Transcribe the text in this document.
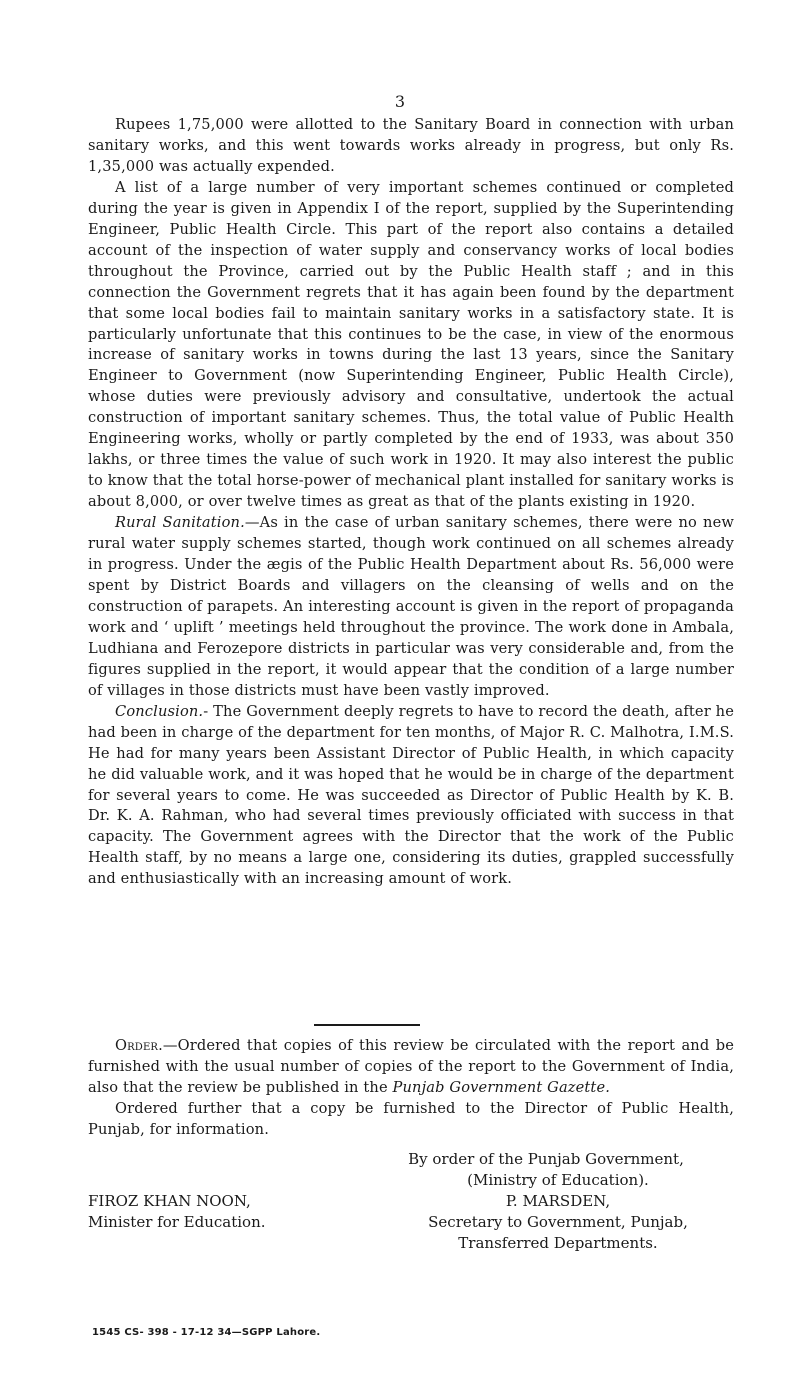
3

Rupees 1,75,000 were allotted to the Sanitary Board in connection with urban sanitary works, and this went towards works already in progress, but only Rs. 1,35,000 was actually expended.

A list of a large number of very important schemes continued or completed during the year is given in Appendix I of the report, supplied by the Superintending Engineer, Public Health Circle. This part of the report also contains a detailed account of the inspection of water supply and conservancy works of local bodies throughout the Province, carried out by the Public Health staff ; and in this connection the Government regrets that it has again been found by the department that some local bodies fail to maintain sanitary works in a satisfactory state. It is particularly unfortunate that this continues to be the case, in view of the enormous increase of sanitary works in towns during the last 13 years, since the Sanitary Engineer to Government (now Superintending Engineer, Public Health Circle), whose duties were previously advisory and consultative, undertook the actual construction of important sanitary schemes. Thus, the total value of Public Health Engineering works, wholly or partly completed by the end of 1933, was about 350 lakhs, or three times the value of such work in 1920. It may also interest the public to know that the total horse-power of mechanical plant installed for sanitary works is about 8,000, or over twelve times as great as that of the plants existing in 1920.

Rural Sanitation.—As in the case of urban sanitary schemes, there were no new rural water supply schemes started, though work continued on all schemes already in progress. Under the ægis of the Public Health Department about Rs. 56,000 were spent by District Boards and villagers on the cleansing of wells and on the construction of parapets. An interesting account is given in the report of propaganda work and ‘ uplift ’ meetings held throughout the province. The work done in Ambala, Ludhiana and Ferozepore districts in particular was very considerable and, from the figures supplied in the report, it would appear that the condition of a large number of villages in those districts must have been vastly improved.

Conclusion.- The Government deeply regrets to have to record the death, after he had been in charge of the department for ten months, of Major R. C. Malhotra, I.M.S. He had for many years been Assistant Director of Public Health, in which capacity he did valuable work, and it was hoped that he would be in charge of the department for several years to come. He was succeeded as Director of Public Health by K. B. Dr. K. A. Rahman, who had several times previously officiated with success in that capacity. The Government agrees with the Director that the work of the Public Health staff, by no means a large one, considering its duties, grappled successfully and enthusiastically with an increasing amount of work.

Order.—Ordered that copies of this review be circulated with the report and be furnished with the usual number of copies of the report to the Government of India, also that the review be published in the Punjab Government Gazette.

Ordered further that a copy be furnished to the Director of Public Health, Punjab, for information.

By order of the Punjab Government,
(Ministry of Education).
P. MARSDEN,
Secretary to Government, Punjab,
Transferred Departments.
FIROZ KHAN NOON,
Minister for Education.
1545 CS- 398 - 17-12 34—SGPP Lahore.
